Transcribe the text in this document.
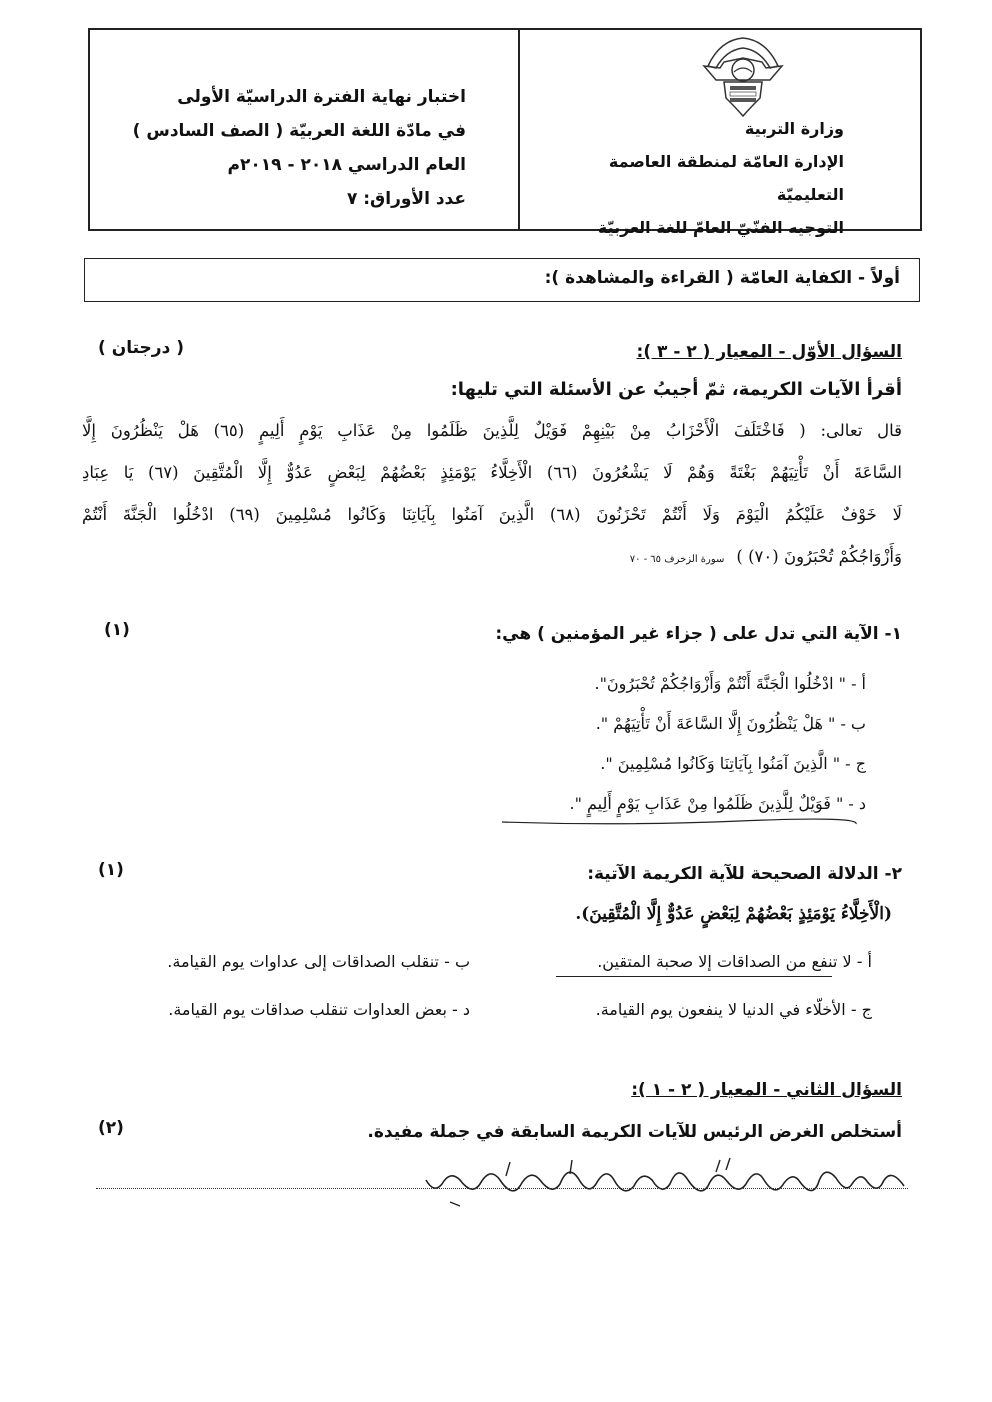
وزارة التربية
الإدارة العامّة لمنطقة العاصمة التعليميّة
التوجيه الفنّيّ العامّ للغة العربيّة
اختبار نهاية الفترة الدراسيّة الأولى
في مادّة اللغة العربيّة ( الصف السادس )
العام الدراسي ٢٠١٨ - ٢٠١٩م
عدد الأوراق: ٧
أولاً - الكفاية العامّة ( القراءة والمشاهدة ):
السؤال الأوّل - المعيار ( ٢ - ٣ ):
( درجتان )
أقرأ الآيات الكريمة، ثمّ أجيبُ عن الأسئلة التي تليها:
قال تعالى: ( فَاخْتَلَفَ الْأَحْزَابُ مِنْ بَيْنِهِمْ فَوَيْلٌ لِلَّذِينَ ظَلَمُوا مِنْ عَذَابِ يَوْمٍ أَلِيمٍ (٦٥) هَلْ يَنْظُرُونَ إِلَّا
السَّاعَةَ أَنْ تَأْتِيَهُمْ بَغْتَةً وَهُمْ لَا يَشْعُرُونَ (٦٦) الْأَخِلَّاءُ يَوْمَئِذٍ بَعْضُهُمْ لِبَعْضٍ عَدُوٌّ إِلَّا الْمُتَّقِينَ (٦٧) يَا عِبَادِ
لَا خَوْفٌ عَلَيْكُمُ الْيَوْمَ وَلَا أَنْتُمْ تَحْزَنُونَ (٦٨) الَّذِينَ آمَنُوا بِآيَاتِنَا وَكَانُوا مُسْلِمِينَ (٦٩) ادْخُلُوا الْجَنَّةَ أَنْتُمْ
وَأَزْوَاجُكُمْ تُحْبَرُونَ (٧٠) )
سورة الزخرف ٦٥ - ٧٠
١- الآية التي تدل على ( جزاء غير المؤمنين ) هي:
(١)
أ - " ادْخُلُوا الْجَنَّةَ أَنْتُمْ وَأَزْوَاجُكُمْ تُحْبَرُونَ".
ب - " هَلْ يَنْظُرُونَ إِلَّا السَّاعَةَ أَنْ تَأْتِيَهُمْ ".
ج - " الَّذِينَ آمَنُوا بِآيَاتِنَا وَكَانُوا مُسْلِمِينَ ".
د - " فَوَيْلٌ لِلَّذِينَ ظَلَمُوا مِنْ عَذَابِ يَوْمٍ أَلِيمٍ ".
٢- الدلالة الصحيحة للآية الكريمة الآتية:
(١)
(الْأَخِلَّاءُ يَوْمَئِذٍ بَعْضُهُمْ لِبَعْضٍ عَدُوٌّ إِلَّا الْمُتَّقِينَ).
أ - لا تنفع من الصداقات إلا صحبة المتقين.
ب - تنقلب الصداقات إلى عداوات يوم القيامة.
ج - الأخلّاء في الدنيا لا ينفعون يوم القيامة.
د - بعض العداوات تنقلب صداقات يوم القيامة.
السؤال الثاني - المعيار ( ٢ - ١ ):
أستخلص الغرض الرئيس للآيات الكريمة السابقة في جملة مفيدة.
(٢)
